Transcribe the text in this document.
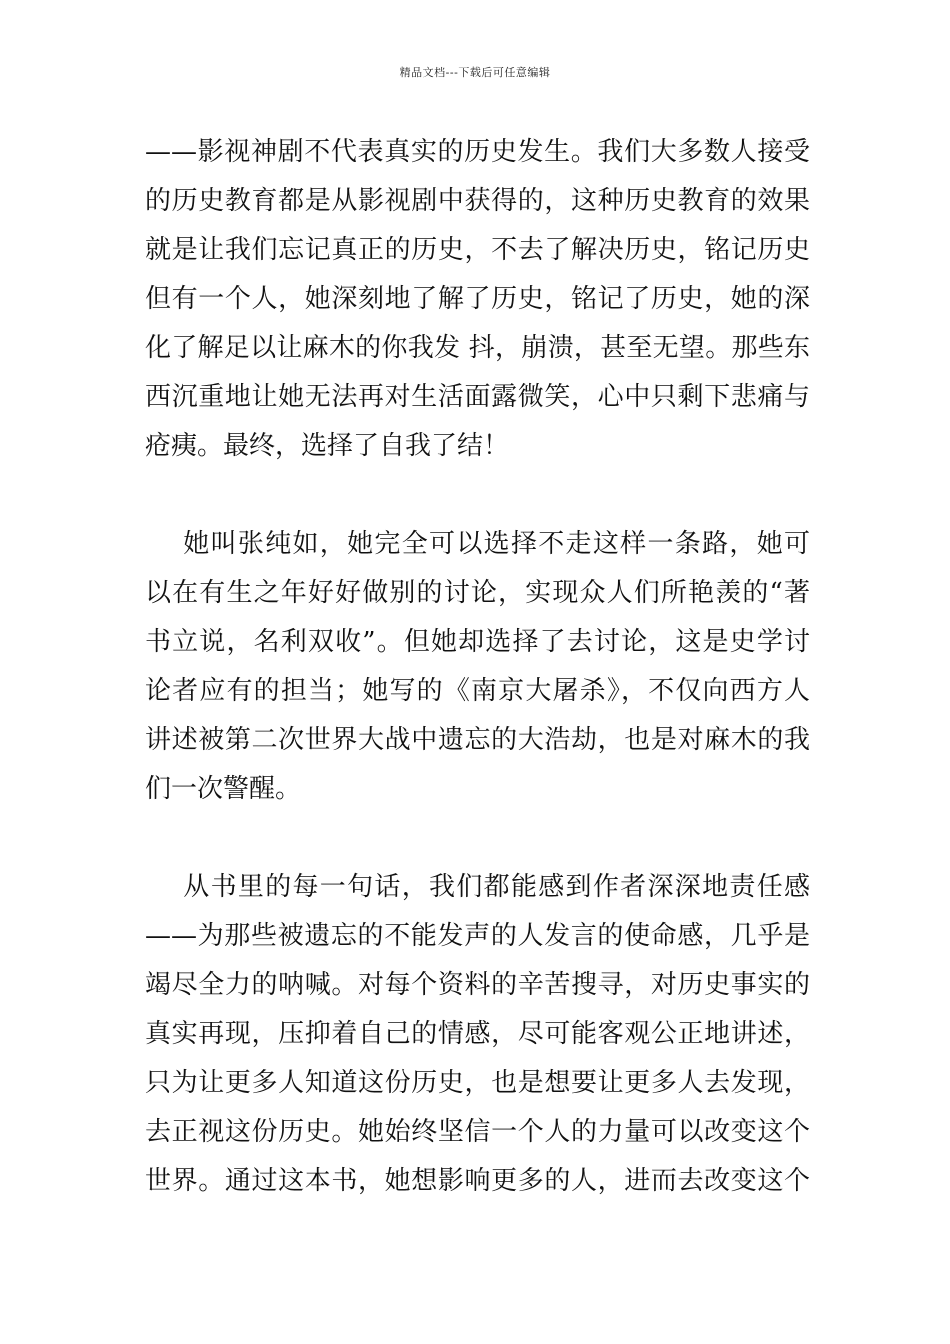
精品文档---下载后可任意编辑
——影视神剧不代表真实的历史发生。我们大多数人接受
的历史教育都是从影视剧中获得的，这种历史教育的效果
就是让我们忘记真正的历史，不去了解决历史，铭记历史
但有一个人，她深刻地了解了历史，铭记了历史，她的深
化了解足以让麻木的你我发 抖，崩溃，甚至无望。那些东
西沉重地让她无法再对生活面露微笑，心中只剩下悲痛与
疮痍。最终，选择了自我了结！
她叫张纯如，她完全可以选择不走这样一条路，她可
以在有生之年好好做别的讨论，实现众人们所艳羡的“著
书立说，名利双收”。但她却选择了去讨论，这是史学讨
论者应有的担当；她写的《南京大屠杀》，不仅向西方人
讲述被第二次世界大战中遗忘的大浩劫，也是对麻木的我
们一次警醒。
从书里的每一句话，我们都能感到作者深深地责任感
——为那些被遗忘的不能发声的人发言的使命感，几乎是
竭尽全力的呐喊。对每个资料的辛苦搜寻，对历史事实的
真实再现，压抑着自己的情感，尽可能客观公正地讲述，
只为让更多人知道这份历史，也是想要让更多人去发现，
去正视这份历史。她始终坚信一个人的力量可以改变这个
世界。通过这本书，她想影响更多的人，进而去改变这个
